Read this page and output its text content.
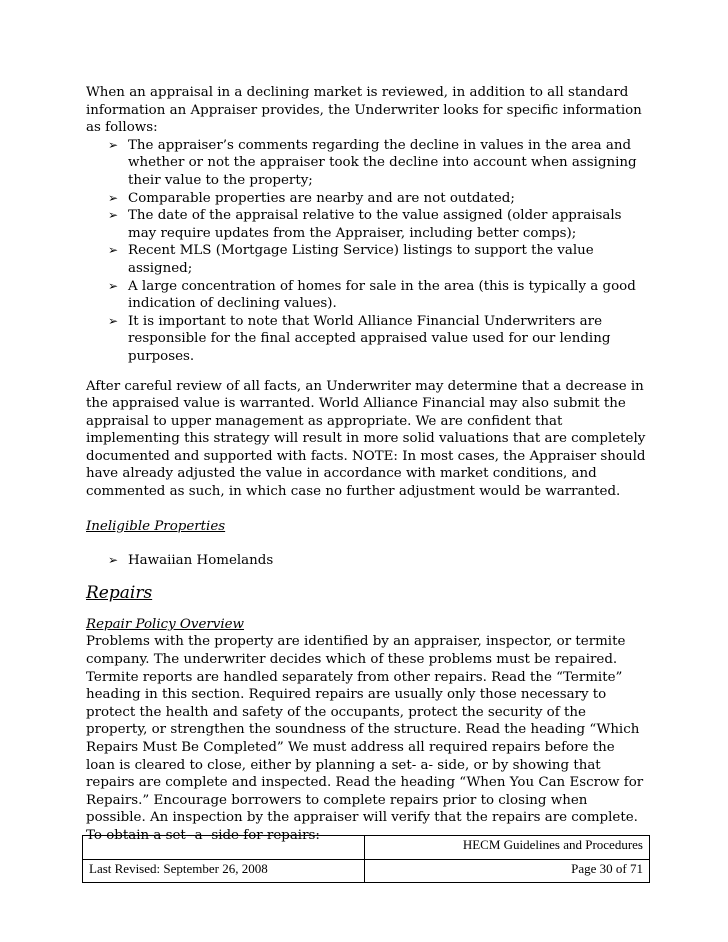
When an appraisal in a declining market is reviewed, in addition to all standard information an Appraiser provides, the Underwriter looks for specific information as follows:

➢ The appraiser’s comments regarding the decline in values in the area and whether or not the appraiser took the decline into account when assigning their value to the property;
➢ Comparable properties are nearby and are not outdated;
➢ The date of the appraisal relative to the value assigned (older appraisals may require updates from the Appraiser, including better comps);
➢ Recent MLS (Mortgage Listing Service) listings to support the value assigned;
➢ A large concentration of homes for sale in the area (this is typically a good indication of declining values).
➢ It is important to note that World Alliance Financial Underwriters are responsible for the final accepted appraised value used for our lending purposes.

After careful review of all facts, an Underwriter may determine that a decrease in the appraised value is warranted. World Alliance Financial may also submit the appraisal to upper management as appropriate. We are confident that implementing this strategy will result in more solid valuations that are completely documented and supported with facts. NOTE: In most cases, the Appraiser should have already adjusted the value in accordance with market conditions, and commented as such, in which case no further adjustment would be warranted.

Ineligible Properties

➢ Hawaiian Homelands

Repairs

Repair Policy Overview

Problems with the property are identified by an appraiser, inspector, or termite company. The underwriter decides which of these problems must be repaired.

Termite reports are handled separately from other repairs. Read the “Termite” heading in this section. Required repairs are usually only those necessary to protect the health and safety of the occupants, protect the security of the property, or strengthen the soundness of the structure. Read the heading “Which Repairs Must Be Completed” We must address all required repairs before the loan is cleared to close, either by planning a set- a- side, or by showing that repairs are complete and inspected. Read the heading “When You Can Escrow for Repairs.” Encourage borrowers to complete repairs prior to closing when possible. An inspection by the appraiser will verify that the repairs are complete.

To obtain a set- a -side for repairs:

	HECM Guidelines and Procedures
Last Revised: September 26, 2008	Page 30 of 71
